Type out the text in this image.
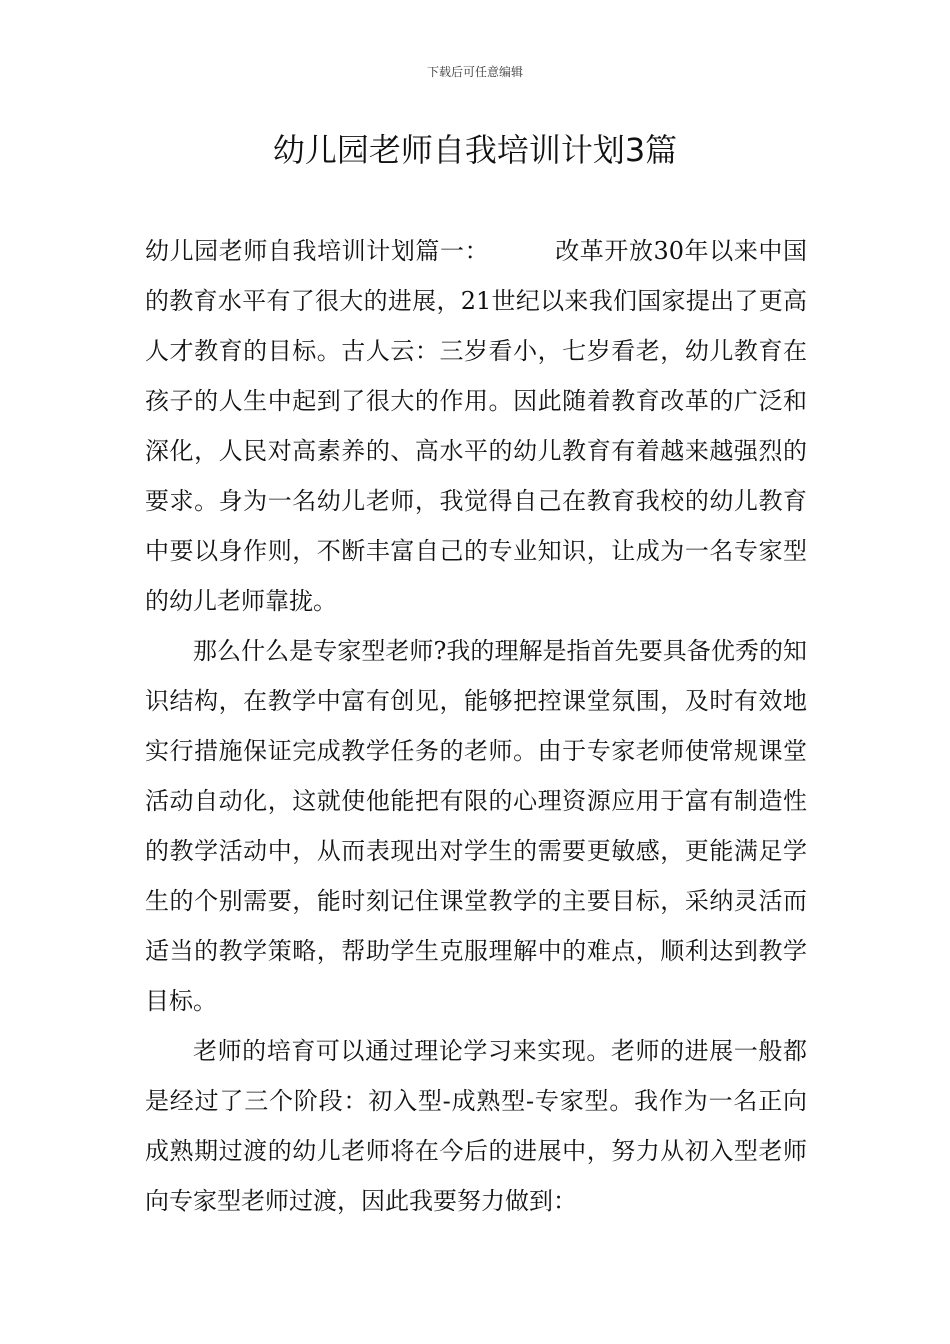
下载后可任意编辑
幼儿园老师自我培训计划3篇

幼儿园老师自我培训计划篇一：	改革开放30年以来中国的教育水平有了很大的进展，21世纪以来我们国家提出了更高人才教育的目标。古人云：三岁看小，七岁看老，幼儿教育在孩子的人生中起到了很大的作用。因此随着教育改革的广泛和深化，人民对高素养的、高水平的幼儿教育有着越来越强烈的要求。身为一名幼儿老师，我觉得自己在教育我校的幼儿教育中要以身作则，不断丰富自己的专业知识，让成为一名专家型的幼儿老师靠拢。

那么什么是专家型老师?我的理解是指首先要具备优秀的知识结构，在教学中富有创见，能够把控课堂氛围，及时有效地实行措施保证完成教学任务的老师。由于专家老师使常规课堂活动自动化，这就使他能把有限的心理资源应用于富有制造性的教学活动中，从而表现出对学生的需要更敏感，更能满足学生的个别需要，能时刻记住课堂教学的主要目标，采纳灵活而适当的教学策略，帮助学生克服理解中的难点，顺利达到教学目标。

老师的培育可以通过理论学习来实现。老师的进展一般都是经过了三个阶段：初入型-成熟型-专家型。我作为一名正向成熟期过渡的幼儿老师将在今后的进展中，努力从初入型老师向专家型老师过渡，因此我要努力做到：
